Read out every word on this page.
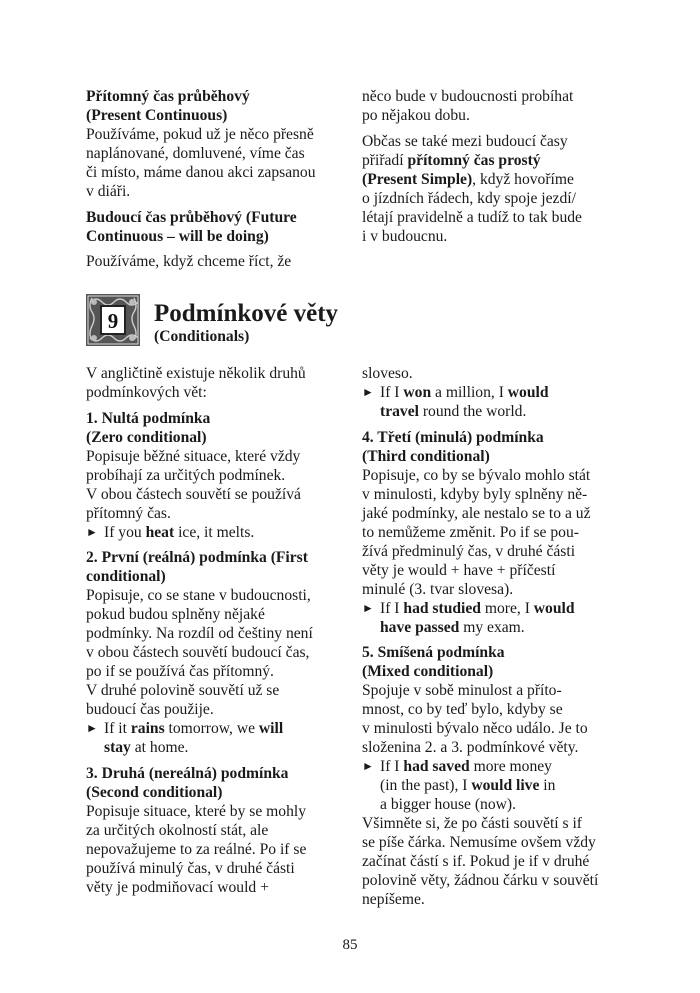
Přítomný čas průběhový
(Present Continuous)
Používáme, pokud už je něco přesně
naplánované, domluvené, víme čas
či místo, máme danou akci zapsanou
v diáři.
Budoucí čas průběhový (Future
Continuous – will be doing)
Používáme, když chceme říct, že
něco bude v budoucnosti probíhat
po nějakou dobu.
Občas se také mezi budoucí časy
přiřadí přítomný čas prostý
(Present Simple), když hovoříme
o jízdních řádech, kdy spoje jezdí/
létají pravidelně a tudíž to tak bude
i v budoucnu.
9 Podmínkové věty
(Conditionals)
V angličtině existuje několik druhů
podmínkových vět:
1. Nultá podmínka
(Zero conditional)
Popisuje běžné situace, které vždy
probíhají za určitých podmínek.
V obou částech souvětí se používá
přítomný čas.
► If you heat ice, it melts.
2. První (reálná) podmínka (First
conditional)
Popisuje, co se stane v budoucnosti,
pokud budou splněny nějaké
podmínky. Na rozdíl od češtiny není
v obou částech souvětí budoucí čas,
po if se používá čas přítomný.
V druhé polovině souvětí už se
budoucí čas použije.
► If it rains tomorrow, we will
stay at home.
3. Druhá (nereálná) podmínka
(Second conditional)
Popisuje situace, které by se mohly
za určitých okolností stát, ale
nepovažujeme to za reálné. Po if se
používá minulý čas, v druhé části
věty je podmiňovací would +
sloveso.
► If I won a million, I would
travel round the world.
4. Třetí (minulá) podmínka
(Third conditional)
Popisuje, co by se bývalo mohlo stát
v minulosti, kdyby byly splněny ně-
jaké podmínky, ale nestalo se to a už
to nemůžeme změnit. Po if se pou-
žívá předminulý čas, v druhé části
věty je would + have + příčestí
minulé (3. tvar slovesa).
► If I had studied more, I would
have passed my exam.
5. Smíšená podmínka
(Mixed conditional)
Spojuje v sobě minulost a příto-
mnost, co by teď bylo, kdyby se
v minulosti bývalo něco událo. Je to
složenina 2. a 3. podmínkové věty.
► If I had saved more money
(in the past), I would live in
a bigger house (now).
Všimněte si, že po části souvětí s if
se píše čárka. Nemusíme ovšem vždy
začínat částí s if. Pokud je if v druhé
polovině věty, žádnou čárku v souvětí
nepíšeme.
85
